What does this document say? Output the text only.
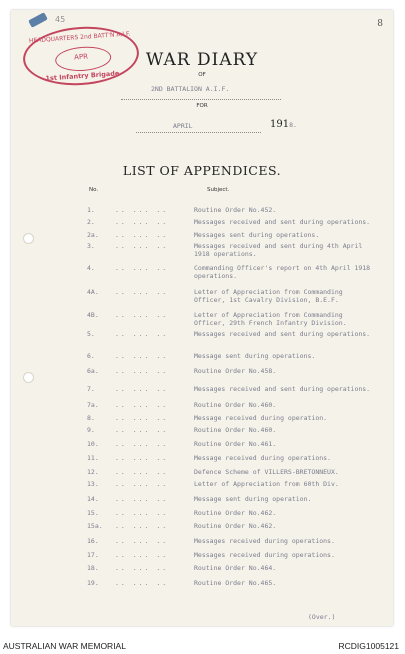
8
45
HEADQUARTERS 2nd BATT'N A.I.F.
APR
1st Infantry Brigade
WAR DIARY
OF
2ND BATTALION A.I.F.
FOR
APRIL	1918.
LIST OF APPENDICES.
No.	Subject.
1.	.. ... ..	Routine Order No.452.
2.	.. ... ..	Messages received and sent during operations.
2a.	.. ... ..	Messages sent during operations.
3.	.. ... ..	Messages received and sent during 4th April 1918 operations.
4.	.. ... ..	Commanding Officer's report on 4th April 1918 operations.
4A.	.. ... ..	Letter of Appreciation from Commanding Officer, 1st Cavalry Division, B.E.F.
4B.	.. ... ..	Letter of Appreciation from Commanding Officer, 29th French Infantry Division.
5.	.. ... ..	Messages received and sent during operations.
6.	.. ... ..	Message sent during operations.
6a.	.. ... ..	Routine Order No.458.
7.	.. ... ..	Messages received and sent during operations.
7a.	.. ... ..	Routine Order No.460.
8.	.. ... ..	Message received during operation.
9.	.. ... ..	Routine Order No.460.
10.	.. ... ..	Routine Order No.461.
11.	.. ... ..	Message received during operations.
12.	.. ... ..	Defence Scheme of VILLERS-BRETONNEUX.
13.	.. ... ..	Letter of Appreciation from 60th Div.
14.	.. ... ..	Message sent during operation.
15.	.. ... ..	Routine Order No.462.
15a.	.. ... ..	Routine Order No.462.
16.	.. ... ..	Messages received during operations.
17.	.. ... ..	Messages received during operations.
18.	.. ... ..	Routine Order No.464.
19.	.. ... ..	Routine Order No.465.
(Over.)
AUSTRALIAN WAR MEMORIAL	RCDIG1005121
